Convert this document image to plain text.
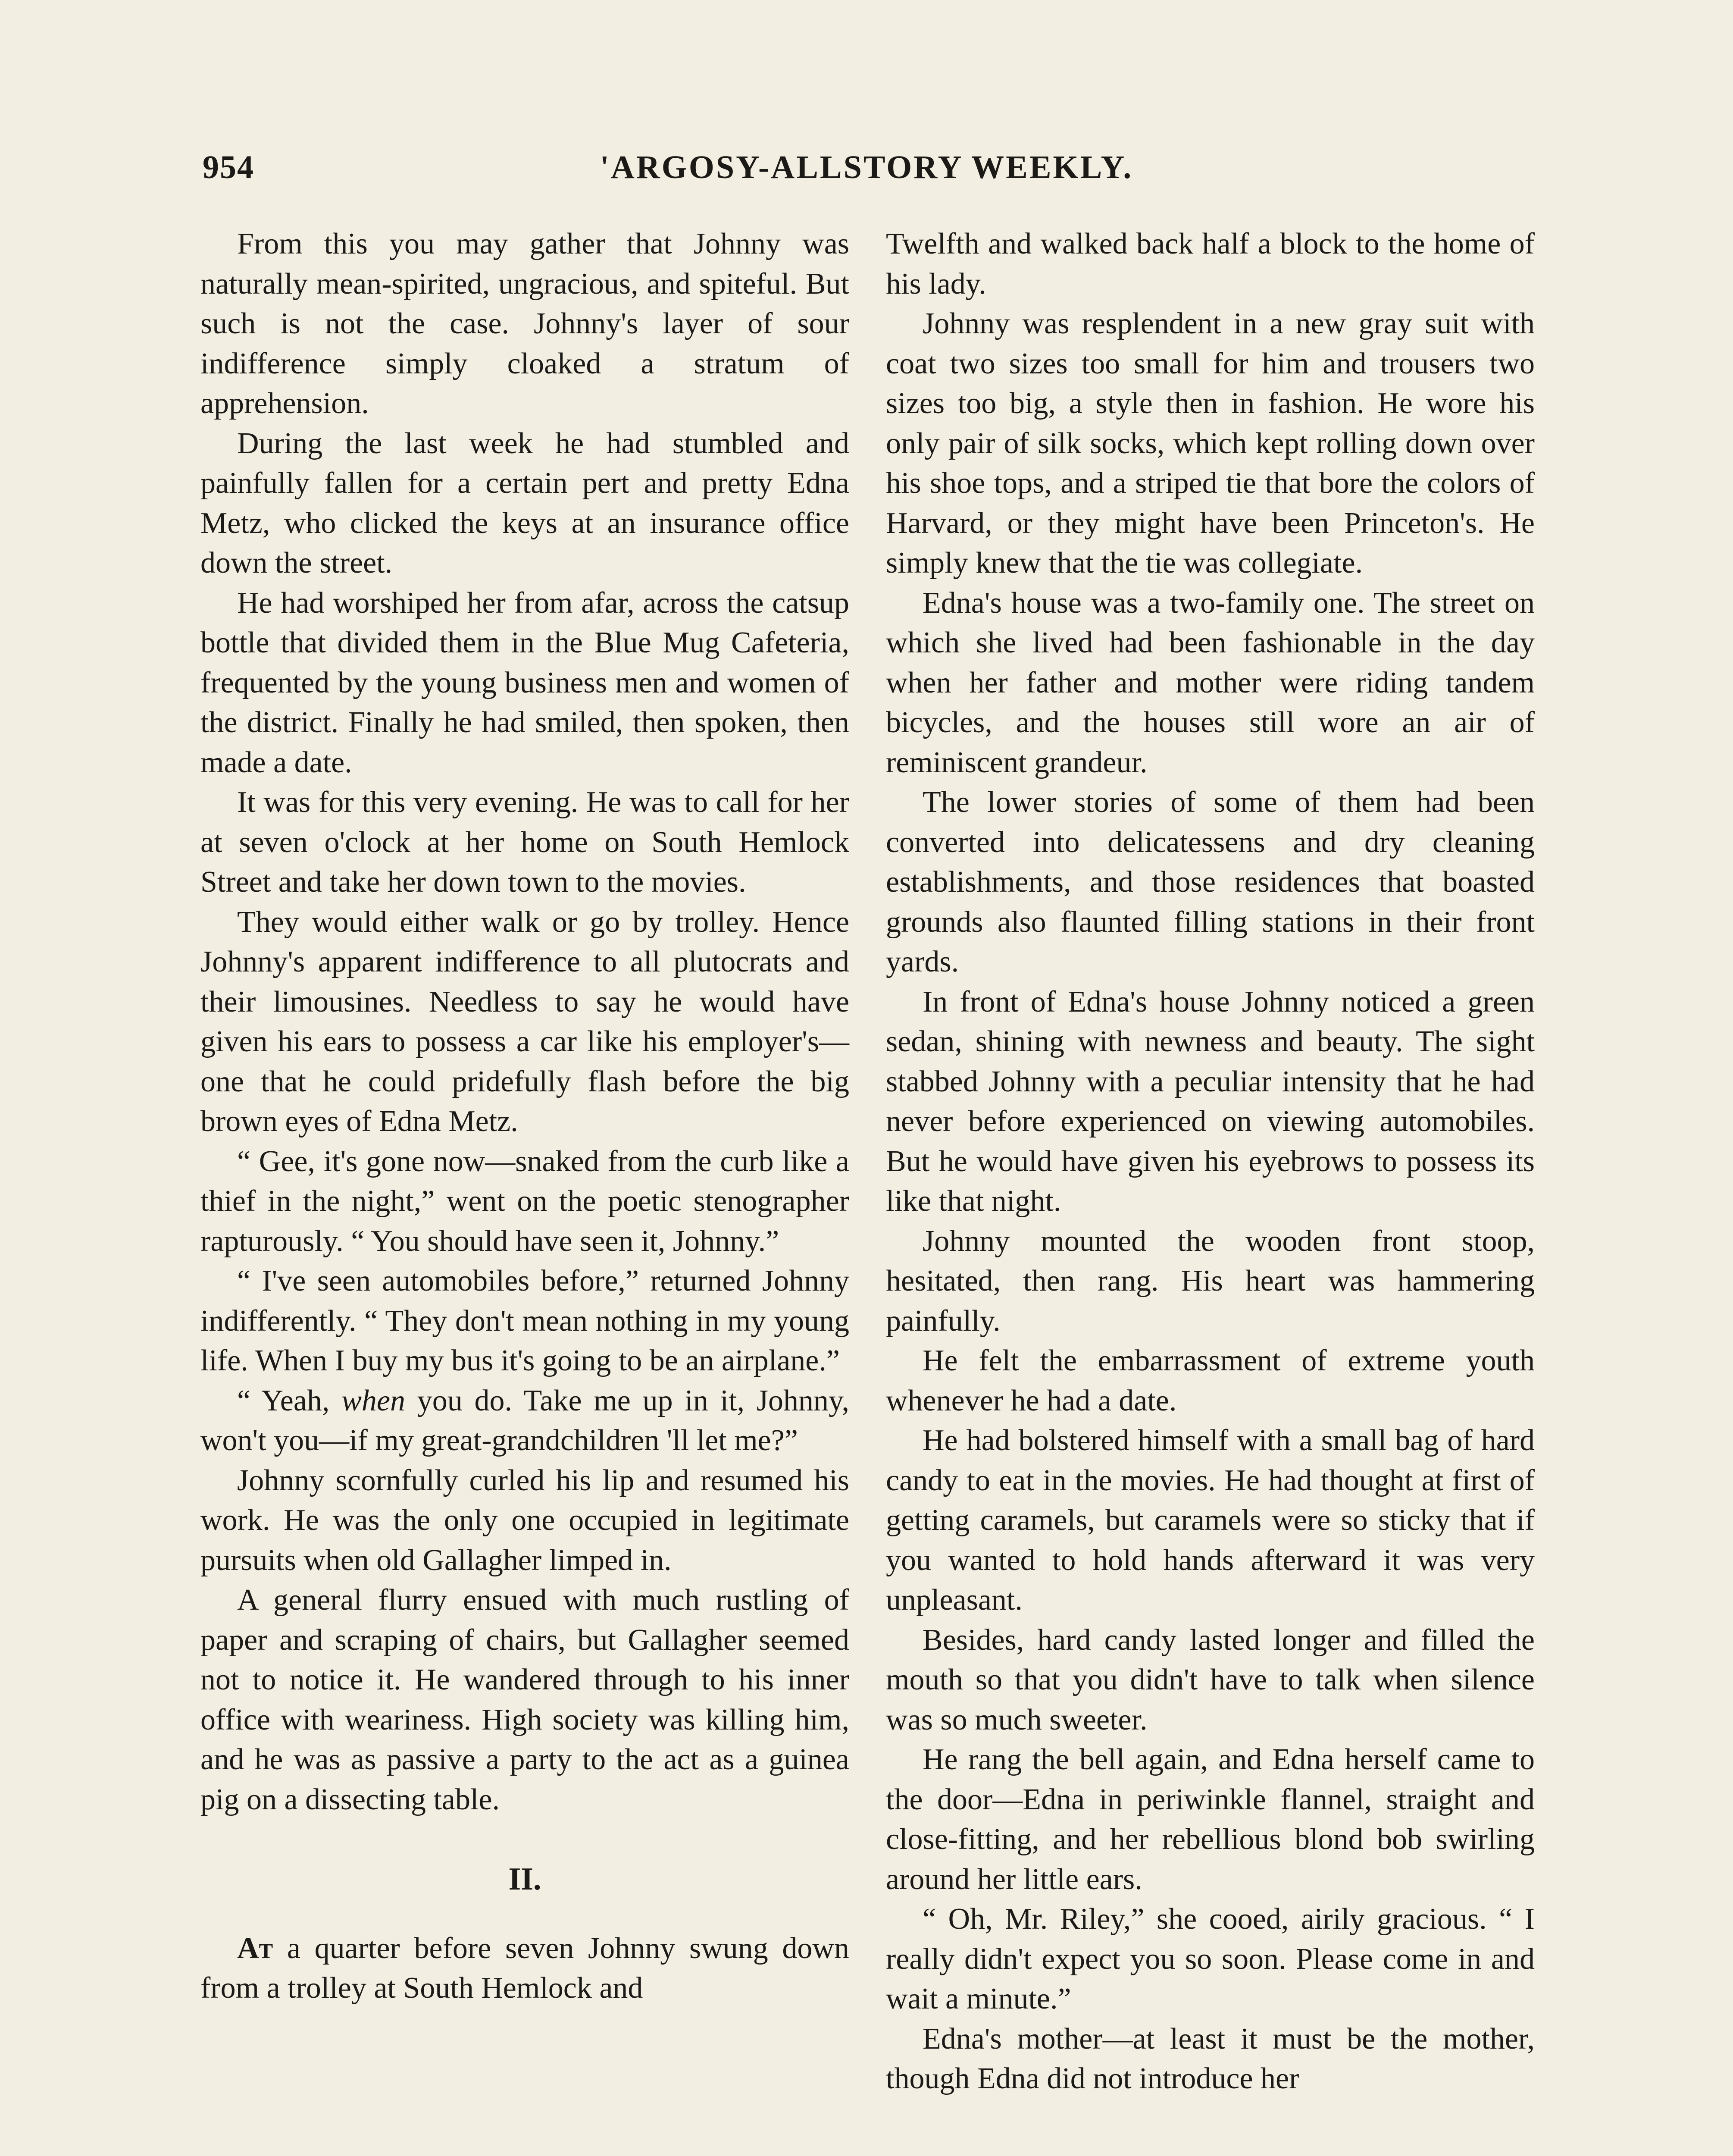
954	'ARGOSY-ALLSTORY WEEKLY.

From this you may gather that Johnny was naturally mean-spirited, ungracious, and spiteful. But such is not the case. Johnny's layer of sour indifference simply cloaked a stratum of apprehension.

During the last week he had stumbled and painfully fallen for a certain pert and pretty Edna Metz, who clicked the keys at an insurance office down the street.

He had worshiped her from afar, across the catsup bottle that divided them in the Blue Mug Cafeteria, frequented by the young business men and women of the district. Finally he had smiled, then spoken, then made a date.

It was for this very evening. He was to call for her at seven o'clock at her home on South Hemlock Street and take her down town to the movies.

They would either walk or go by trolley. Hence Johnny's apparent indifference to all plutocrats and their limousines. Needless to say he would have given his ears to possess a car like his employer's—one that he could pridefully flash before the big brown eyes of Edna Metz.

“ Gee, it's gone now—snaked from the curb like a thief in the night,” went on the poetic stenographer rapturously. “ You should have seen it, Johnny.”

“ I've seen automobiles before,” returned Johnny indifferently. “ They don't mean nothing in my young life. When I buy my bus it's going to be an airplane.”

“ Yeah, when you do. Take me up in it, Johnny, won't you—if my great-grandchildren 'll let me?”

Johnny scornfully curled his lip and resumed his work. He was the only one occupied in legitimate pursuits when old Gallagher limped in.

A general flurry ensued with much rustling of paper and scraping of chairs, but Gallagher seemed not to notice it. He wandered through to his inner office with weariness. High society was killing him, and he was as passive a party to the act as a guinea pig on a dissecting table.

II.

At a quarter before seven Johnny swung down from a trolley at South Hemlock and

Twelfth and walked back half a block to the home of his lady.

Johnny was resplendent in a new gray suit with coat two sizes too small for him and trousers two sizes too big, a style then in fashion. He wore his only pair of silk socks, which kept rolling down over his shoe tops, and a striped tie that bore the colors of Harvard, or they might have been Princeton's. He simply knew that the tie was collegiate.

Edna's house was a two-family one. The street on which she lived had been fashionable in the day when her father and mother were riding tandem bicycles, and the houses still wore an air of reminiscent grandeur.

The lower stories of some of them had been converted into delicatessens and dry cleaning establishments, and those residences that boasted grounds also flaunted filling stations in their front yards.

In front of Edna's house Johnny noticed a green sedan, shining with newness and beauty. The sight stabbed Johnny with a peculiar intensity that he had never before experienced on viewing automobiles. But he would have given his eyebrows to possess its like that night.

Johnny mounted the wooden front stoop, hesitated, then rang. His heart was hammering painfully.

He felt the embarrassment of extreme youth whenever he had a date.

He had bolstered himself with a small bag of hard candy to eat in the movies. He had thought at first of getting caramels, but caramels were so sticky that if you wanted to hold hands afterward it was very unpleasant.

Besides, hard candy lasted longer and filled the mouth so that you didn't have to talk when silence was so much sweeter.

He rang the bell again, and Edna herself came to the door—Edna in periwinkle flannel, straight and close-fitting, and her rebellious blond bob swirling around her little ears.

“ Oh, Mr. Riley,” she cooed, airily gracious. “ I really didn't expect you so soon. Please come in and wait a minute.”

Edna's mother—at least it must be the mother, though Edna did not introduce her
